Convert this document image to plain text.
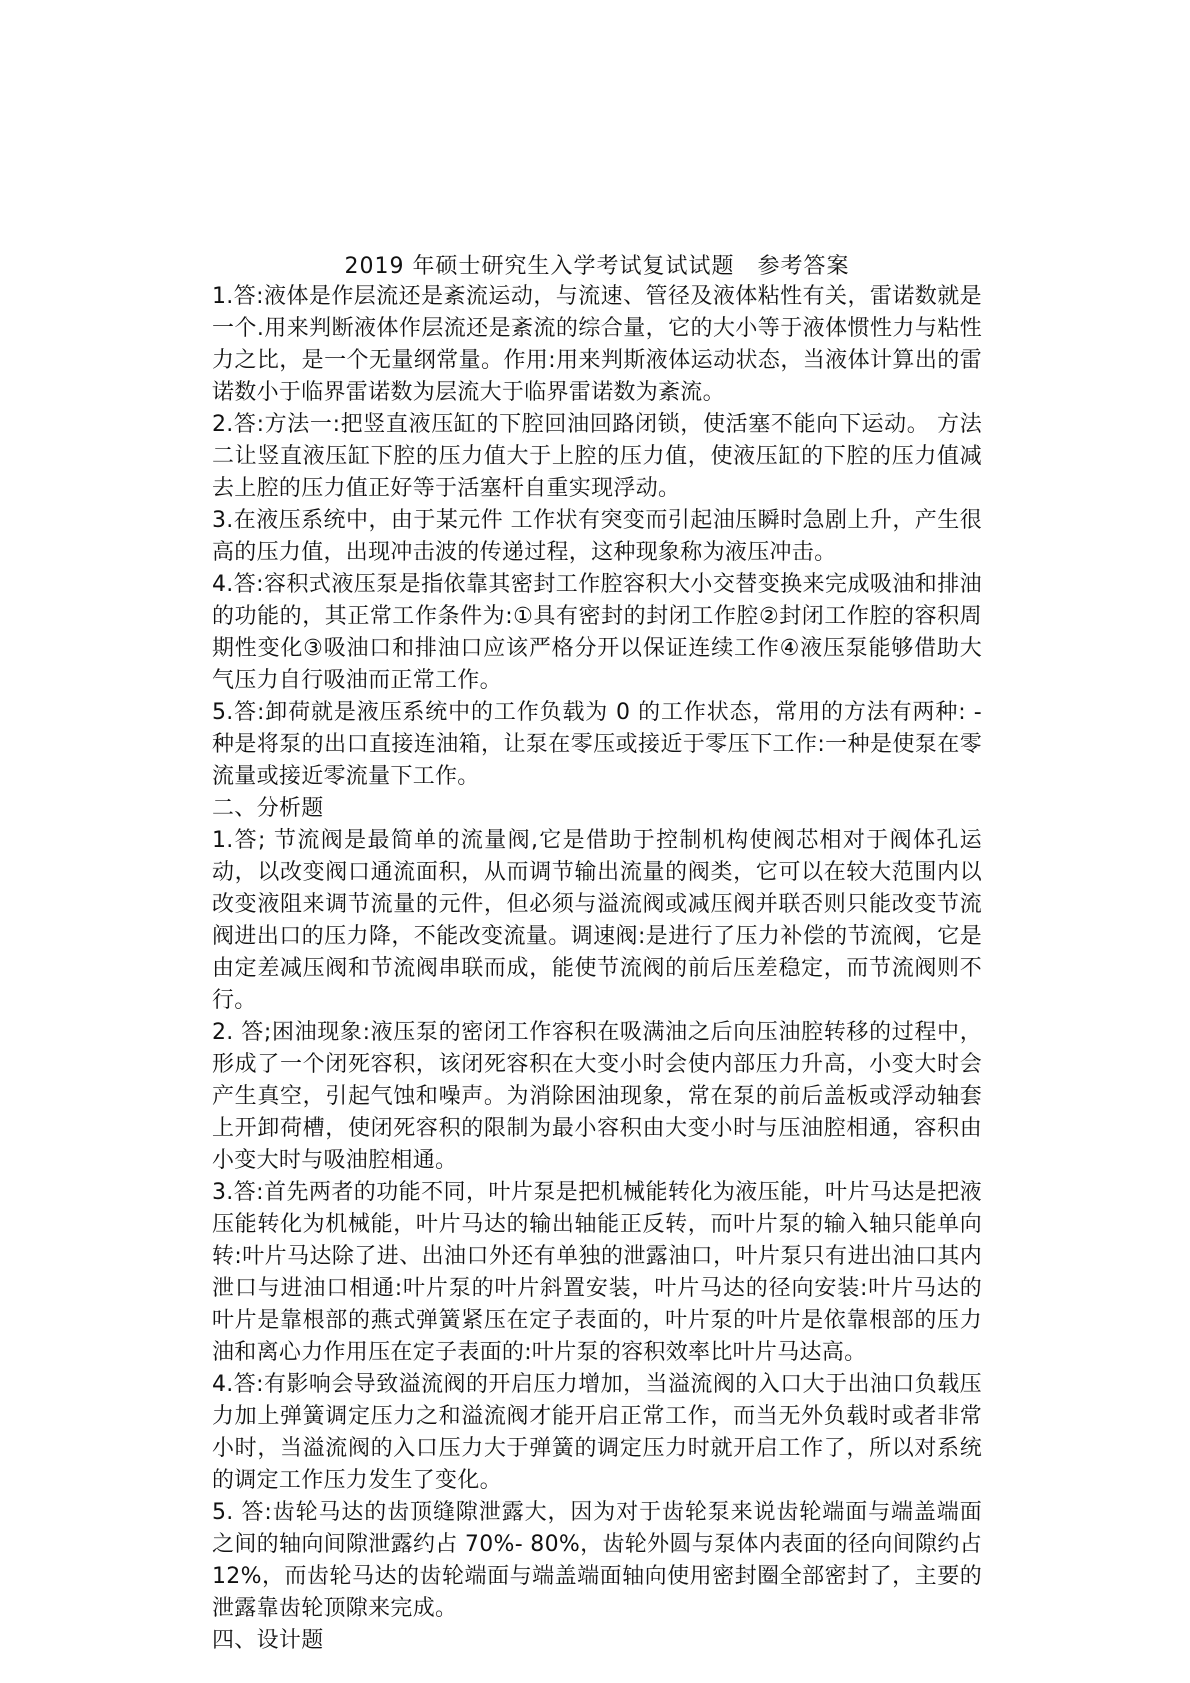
2019 年硕士研究生入学考试复试试题　参考答案

1.答:液体是作层流还是紊流运动，与流速、管径及液体粘性有关，雷诺数就是一个.用来判断液体作层流还是紊流的综合量，它的大小等于液体惯性力与粘性力之比，是一个无量纲常量。作用:用来判斯液体运动状态，当液体计算出的雷诺数小于临界雷诺数为层流大于临界雷诺数为紊流。

2.答:方法一:把竖直液压缸的下腔回油回路闭锁，使活塞不能向下运动。 方法二让竖直液压缸下腔的压力值大于上腔的压力值，使液压缸的下腔的压力值减去上腔的压力值正好等于活塞杆自重实现浮动。

3.在液压系统中，由于某元件 工作状有突变而引起油压瞬时急剧上升，产生很高的压力值，出现冲击波的传递过程，这种现象称为液压冲击。

4.答:容积式液压泵是指依靠其密封工作腔容积大小交替变换来完成吸油和排油的功能的，其正常工作条件为:①具有密封的封闭工作腔②封闭工作腔的容积周期性变化③吸油口和排油口应该严格分开以保证连续工作④液压泵能够借助大气压力自行吸油而正常工作。

5.答:卸荷就是液压系统中的工作负载为 0 的工作状态，常用的方法有两种: - 种是将泵的出口直接连油箱，让泵在零压或接近于零压下工作:一种是使泵在零流量或接近零流量下工作。

二、分析题

1.答; 节流阀是最简单的流量阀,它是借助于控制机构使阀芯相对于阀体孔运动，以改变阀口通流面积，从而调节输出流量的阀类，它可以在较大范围内以改变液阻来调节流量的元件，但必须与溢流阀或减压阀并联否则只能改变节流阀进出口的压力降，不能改变流量。调速阀:是进行了压力补偿的节流阀，它是由定差减压阀和节流阀串联而成，能使节流阀的前后压差稳定，而节流阀则不行。

2. 答;困油现象:液压泵的密闭工作容积在吸满油之后向压油腔转移的过程中，形成了一个闭死容积，该闭死容积在大变小时会使内部压力升高，小变大时会产生真空，引起气蚀和噪声。为消除困油现象，常在泵的前后盖板或浮动轴套上开卸荷槽，使闭死容积的限制为最小容积由大变小时与压油腔相通，容积由小变大时与吸油腔相通。

3.答:首先两者的功能不同，叶片泵是把机械能转化为液压能，叶片马达是把液压能转化为机械能，叶片马达的输出轴能正反转，而叶片泵的输入轴只能单向转:叶片马达除了进、出油口外还有单独的泄露油口，叶片泵只有进出油口其内泄口与进油口相通:叶片泵的叶片斜置安装，叶片马达的径向安装:叶片马达的叶片是靠根部的燕式弹簧紧压在定子表面的，叶片泵的叶片是依靠根部的压力油和离心力作用压在定子表面的:叶片泵的容积效率比叶片马达高。

4.答:有影响会导致溢流阀的开启压力增加，当溢流阀的入口大于出油口负载压力加上弹簧调定压力之和溢流阀才能开启正常工作，而当无外负载时或者非常小时，当溢流阀的入口压力大于弹簧的调定压力时就开启工作了，所以对系统的调定工作压力发生了变化。

5. 答:齿轮马达的齿顶缝隙泄露大，因为对于齿轮泵来说齿轮端面与端盖端面之间的轴向间隙泄露约占 70%- 80%，齿轮外圆与泵体内表面的径向间隙约占 12%，而齿轮马达的齿轮端面与端盖端面轴向使用密封圈全部密封了，主要的泄露靠齿轮顶隙来完成。

四、设计题
